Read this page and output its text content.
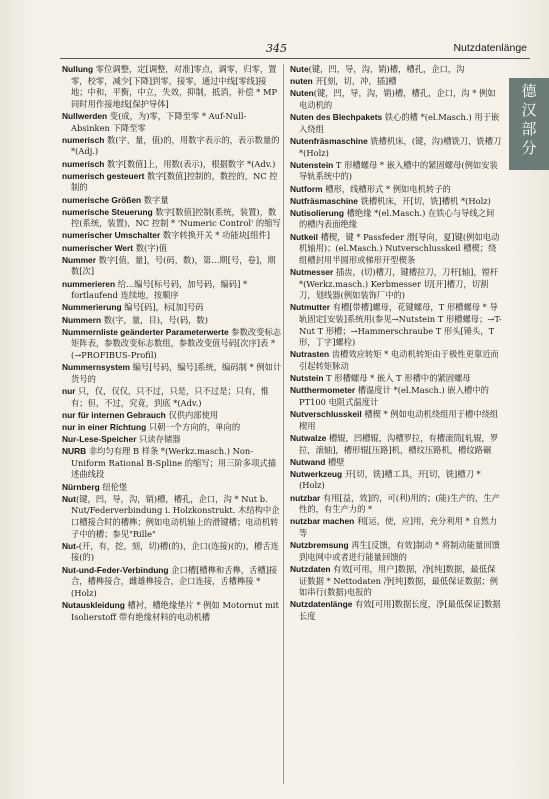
345	Nutzdatenlänge
德
汉
部
分
Nullung 零位调整，定[调整，对准]零点，调零，归零，置零，校零，减少[下降]到零，接零，通过中线[零线]接地；中和，平衡，中立，失效，抑制，抵消，补偿 * MP 同时用作接地线[保护导体]
Nullwerden 变(成，为)零，下降至零 * Auf-Null-Absinken 下降至零
numerisch 数(字，量，值)的，用数字表示的，表示数量的 *(Adj.)
numerisch 数字[数值]上，用数(表示)，根据数字 *(Adv.)
numerisch gesteuert 数字[数值]控制的，数控的，NC 控制的
numerische Größen 数字量
numerische Steuerung 数字[数值]控制(系统，装置)，数控(系统，装置)，NC 控制 * 'Numeric Control' 的缩写
numerischer Umschalter 数字转换开关 * 功能块[组件]
numerischer Wert 数(字)值
Nummer 数字[值，量]，号(码，数)，第…期[号，卷]，期数[次]
nummerieren 给…编号[标号码，加号码，编码] * fortlaufend 连续地，按顺序
Nummerierung 编号[码]，标[加]号码
Nummern 数(字，量，目)，号(码，数)
Nummernliste geänderter Parameterwerte 参数改变标志矩阵表，参数改变标志数组，参数改变值号码[次序]表 *(→PROFIBUS-Profil)
Nummernsystem 编号[号码，编号]系统，编码制 * 例如计货号的
nur 只，仅，仅仅，只不过，只是，只不过是；只有，惟有；但，不过，究竟，到底 *(Adv.)
nur für internen Gebrauch 仅供内部使用
nur in einer Richtung 只朝一个方向的，单向的
Nur-Lese-Speicher 只读存储器
NURB 非均匀有理 B 样条 *(Werkz.masch.) Non-Uniform Rational B-Spline 的缩写；用三阶多项式描述曲线段
Nürnberg 纽伦堡
Nut(键，凹，导，沟，销)槽，槽孔，企口，沟 * Nut b. Nut/Federverbindung i. Holzkonstrukt. 木结构中企口槽接合时的槽榫；例如电动机轴上的滑键槽；电动机转子中的槽；参见"Rille"
Nut-(开，有，挖，刻，切)槽(的)，企口(连接)(的)，槽舌连接(的)
Nut-und-Feder-Verbindung 企口槽[槽榫和舌榫，舌槽]接合，槽榫接合，雌雄榫接合，企口连接，舌槽榫接 *(Holz)
Nutauskleidung 槽衬，槽绝缘垫片 * 例如 Motornut mit Isolierstoff 带有绝缘材料的电动机槽
Nute(键，凹，导，沟，销)槽，槽孔，企口，沟
nuten 开[刻，切，冲，插]槽
Nuten(键，凹，导，沟，销)槽，槽孔，企口，沟 * 例如电动机的
Nuten des Blechpakets 铁心的槽 *(el.Masch.) 用于嵌入绕组
Nutenfräsmaschine 铣槽机床，(键，沟)槽铣刀，铣槽刀 *(Holz)
Nutenstein T 形槽螺母 * 嵌入槽中的紧固螺母(例如安装导轨系统中的)
Nutform 槽形，线槽形式 * 例如电机转子的
Nutfräsmaschine 铣槽机床，开[切，铣]槽机 *(Holz)
Nutisolierung 槽绝缘 *(el.Masch.) 在铁心与导线之间的槽内表面绝缘
Nutkeil 槽楔，键 * Passfeder 滑[导向，夏]键(例如电动机轴用)；(el.Masch.) Nutverschlusskeil 槽楔；绕组槽封用半圆形或梯形开型楔条
Nutmesser 插齿，(切)槽刀，键槽拉刀，刀杆[轴]，镗杆 *(Werkz.masch.) Kerbmesser 切[开]槽刀，切割刀，划线器(例如装饰厂中的)
Nutmutter 有槽[带槽]螺母，花键螺母，T 形槽螺母 * 导轨固定[安装]系统用(参见→Nutstein T 形槽螺母；→T-Nut T 形槽；→Hammerschraube T 形头[锤头，T 形，丁字]螺栓)
Nutrasten 齿槽效应转矩 * 电动机转矩由于极性更靠近而引起转矩脉动
Nutstein T 形槽螺母 * 嵌入 T 形槽中的紧固螺母
Nutthermometer 槽温度计 *(el.Masch.) 嵌入槽中的 PT100 电阻式温度计
Nutverschlusskeil 槽楔 * 例如电动机绕组用于槽中绕组楔用
Nutwalze 槽辊，凹槽辊，沟槽罗拉，有槽滚筒[轧辊，罗拉，滚轴]，槽形辊[压路]机，槽纹压路机，槽纹路碾
Nutwand 槽壁
Nutwerkzeug 开[切，铣]槽工具，开[切，铣]槽刀 *(Holz)
nutzbar 有用[益，效]的，可(利)用的；(能)生产的，生产性的，有生产力的 *
nutzbar machen 利[运，使，应]用，充分利用 * 自然力等
Nutzbremsung 再生[反馈，有效]制动 * 将制动能量回馈到电网中或者进行能量回馈的
Nutzdaten 有效[可用，用户]数据，净[纯]数据，最低保证数据 * Nettodaten 净[纯]数据，最低保证数据；例如串行(数据)电报的
Nutzdatenlänge 有效[可用]数据长度，净[最低保证]数据长度
